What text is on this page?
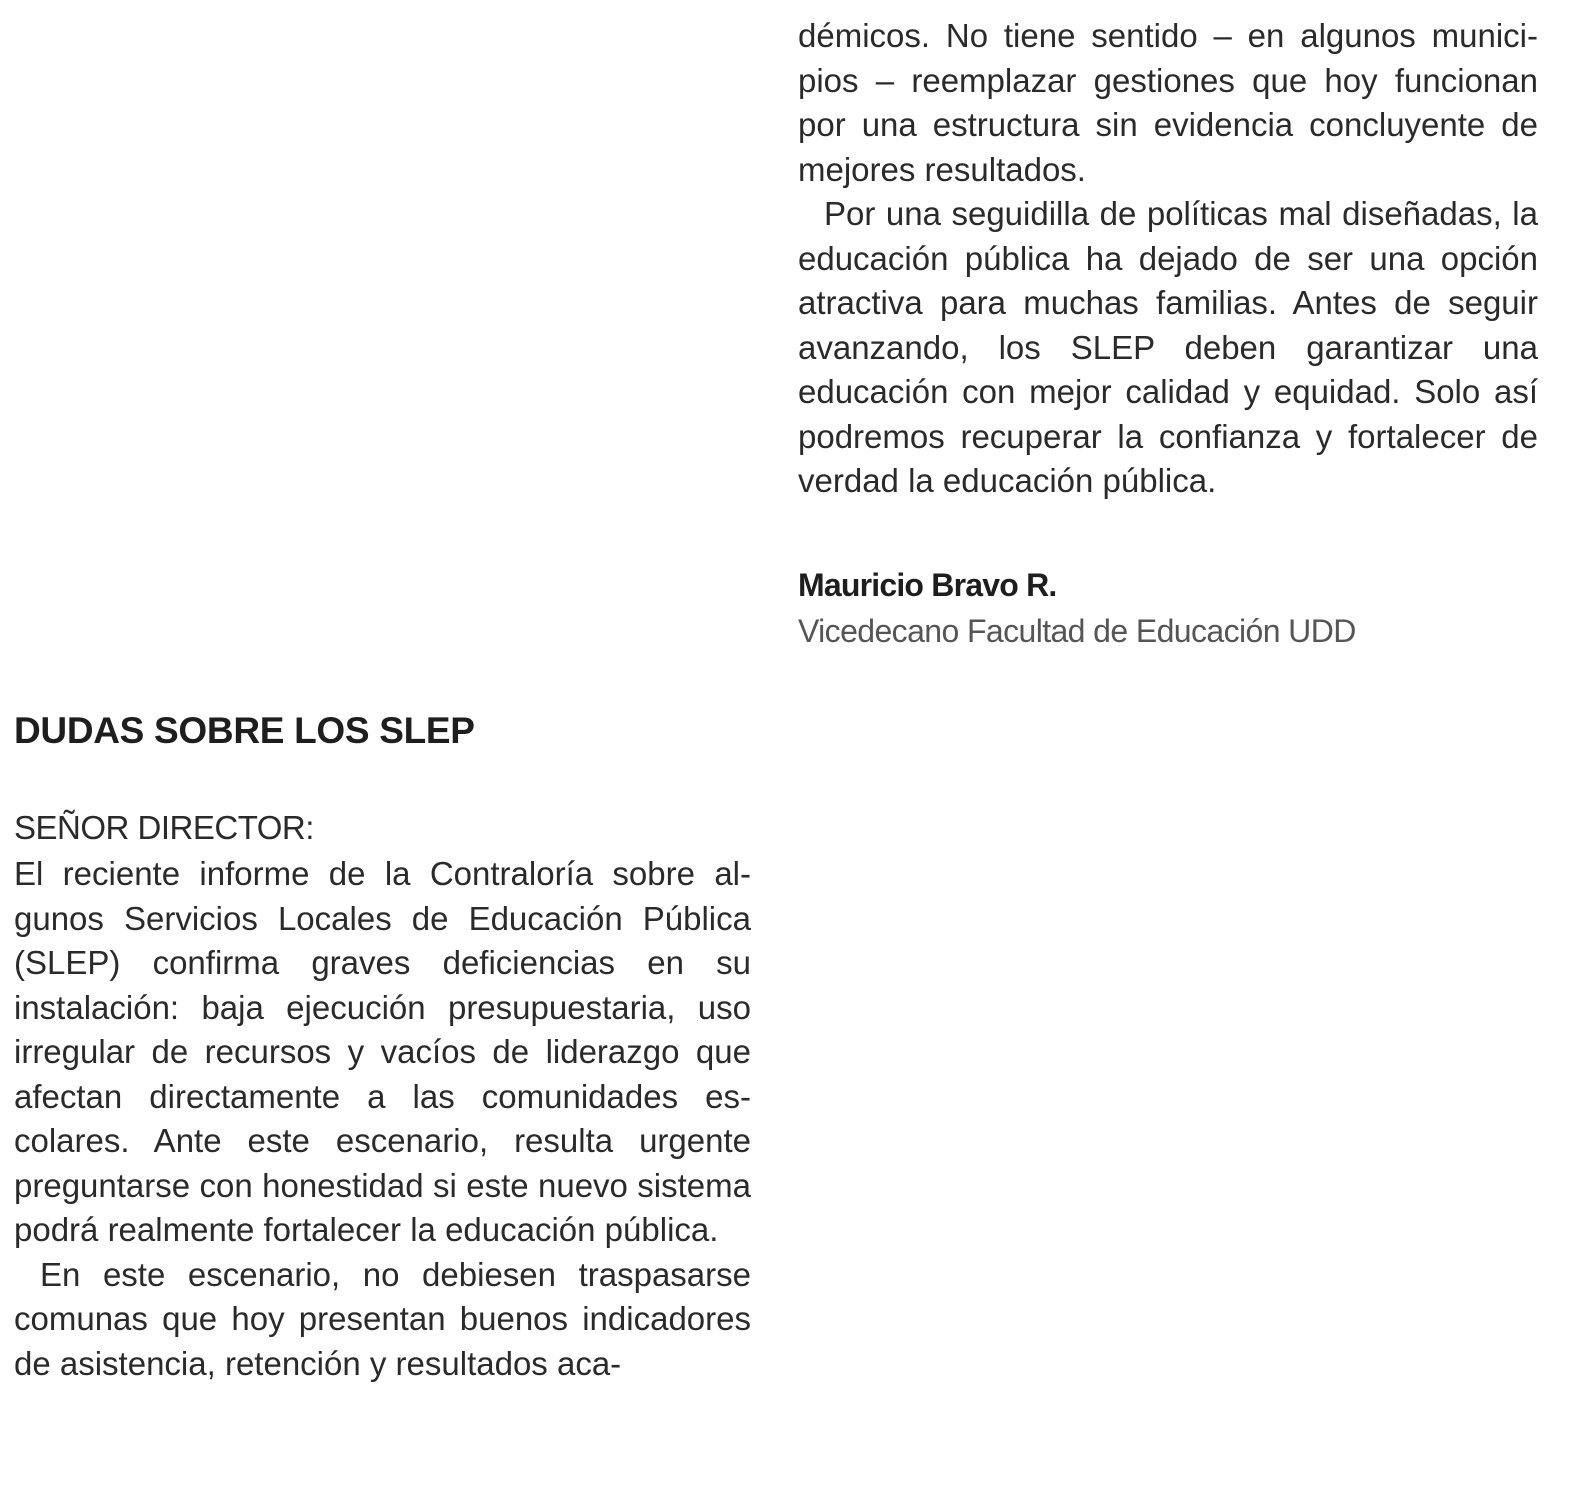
démicos. No tiene sentido – en algunos municipios – reemplazar gestiones que hoy funcionan por una estructura sin evidencia concluyente de mejores resultados.

Por una seguidilla de políticas mal diseñadas, la educación pública ha dejado de ser una opción atractiva para muchas familias. Antes de seguir avanzando, los SLEP deben garantizar una educación con mejor calidad y equidad. Solo así podremos recuperar la confianza y fortalecer de verdad la educación pública.

Mauricio Bravo R.
Vicedecano Facultad de Educación UDD
DUDAS SOBRE LOS SLEP
SEÑOR DIRECTOR:

El reciente informe de la Contraloría sobre algunos Servicios Locales de Educación Pública (SLEP) confirma graves deficiencias en su instalación: baja ejecución presupuestaria, uso irregular de recursos y vacíos de liderazgo que afectan directamente a las comunidades escolares. Ante este escenario, resulta urgente preguntarse con honestidad si este nuevo sistema podrá realmente fortalecer la educación pública.

En este escenario, no debiesen traspasarse comunas que hoy presentan buenos indicadores de asistencia, retención y resultados aca-
